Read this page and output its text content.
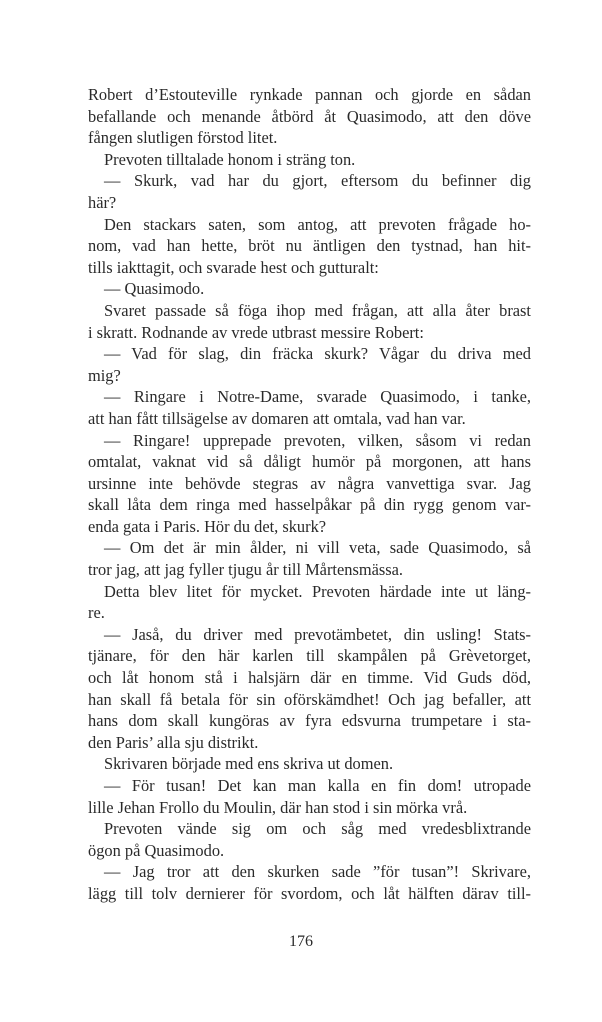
Robert d’Estouteville rynkade pannan och gjorde en sådan
befallande och menande åtbörd åt Quasimodo, att den döve
fången slutligen förstod litet.
Prevoten tilltalade honom i sträng ton.
— Skurk, vad har du gjort, eftersom du befinner dig
här?
Den stackars saten, som antog, att prevoten frågade ho-
nom, vad han hette, bröt nu äntligen den tystnad, han hit-
tills iakttagit, och svarade hest och gutturalt:
— Quasimodo.
Svaret passade så föga ihop med frågan, att alla åter brast
i skratt. Rodnande av vrede utbrast messire Robert:
— Vad för slag, din fräcka skurk? Vågar du driva med
mig?
— Ringare i Notre-Dame, svarade Quasimodo, i tanke,
att han fått tillsägelse av domaren att omtala, vad han var.
— Ringare! upprepade prevoten, vilken, såsom vi redan
omtalat, vaknat vid så dåligt humör på morgonen, att hans
ursinne inte behövde stegras av några vanvettiga svar. Jag
skall låta dem ringa med hasselpåkar på din rygg genom var-
enda gata i Paris. Hör du det, skurk?
— Om det är min ålder, ni vill veta, sade Quasimodo, så
tror jag, att jag fyller tjugu år till Mårtensmässa.
Detta blev litet för mycket. Prevoten härdade inte ut läng-
re.
— Jaså, du driver med prevotämbetet, din usling! Stats-
tjänare, för den här karlen till skampålen på Grèvetorget,
och låt honom stå i halsjärn där en timme. Vid Guds död,
han skall få betala för sin oförskämdhet! Och jag befaller, att
hans dom skall kungöras av fyra edsvurna trumpetare i sta-
den Paris’ alla sju distrikt.
Skrivaren började med ens skriva ut domen.
— För tusan! Det kan man kalla en fin dom! utropade
lille Jehan Frollo du Moulin, där han stod i sin mörka vrå.
Prevoten vände sig om och såg med vredesblixtrande
ögon på Quasimodo.
— Jag tror att den skurken sade ”för tusan”! Skrivare,
lägg till tolv dernierer för svordom, och låt hälften därav till-
176
